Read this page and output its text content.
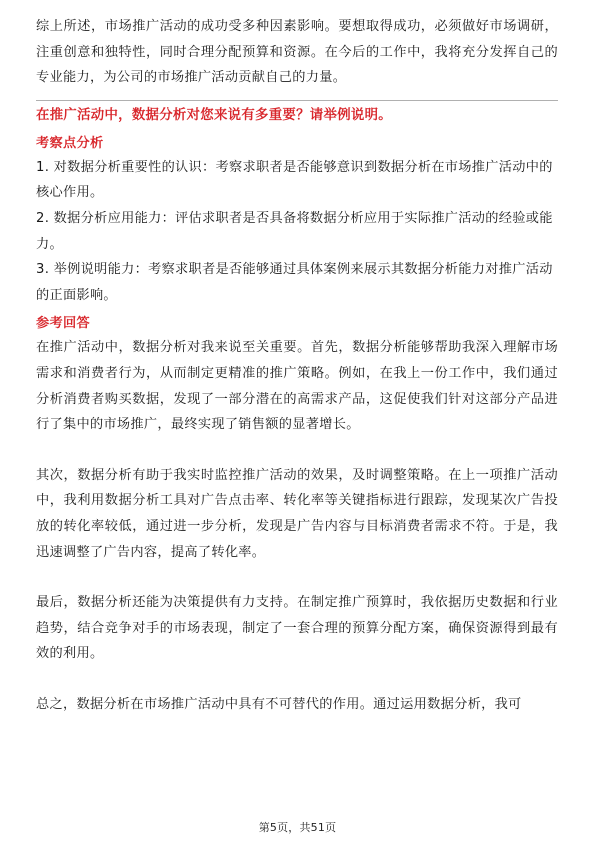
综上所述，市场推广活动的成功受多种因素影响。要想取得成功，必须做好市场调研，注重创意和独特性，同时合理分配预算和资源。在今后的工作中，我将充分发挥自己的专业能力，为公司的市场推广活动贡献自己的力量。

在推广活动中，数据分析对您来说有多重要？请举例说明。

考察点分析

1. 对数据分析重要性的认识：考察求职者是否能够意识到数据分析在市场推广活动中的核心作用。

2. 数据分析应用能力：评估求职者是否具备将数据分析应用于实际推广活动的经验或能力。

3. 举例说明能力：考察求职者是否能够通过具体案例来展示其数据分析能力对推广活动的正面影响。

参考回答

在推广活动中，数据分析对我来说至关重要。首先，数据分析能够帮助我深入理解市场需求和消费者行为，从而制定更精准的推广策略。例如，在我上一份工作中，我们通过分析消费者购买数据，发现了一部分潜在的高需求产品，这促使我们针对这部分产品进行了集中的市场推广，最终实现了销售额的显著增长。

其次，数据分析有助于我实时监控推广活动的效果，及时调整策略。在上一项推广活动中，我利用数据分析工具对广告点击率、转化率等关键指标进行跟踪，发现某次广告投放的转化率较低，通过进一步分析，发现是广告内容与目标消费者需求不符。于是，我迅速调整了广告内容，提高了转化率。

最后，数据分析还能为决策提供有力支持。在制定推广预算时，我依据历史数据和行业趋势，结合竞争对手的市场表现，制定了一套合理的预算分配方案，确保资源得到最有效的利用。

总之，数据分析在市场推广活动中具有不可替代的作用。通过运用数据分析，我可

第5页，共51页
